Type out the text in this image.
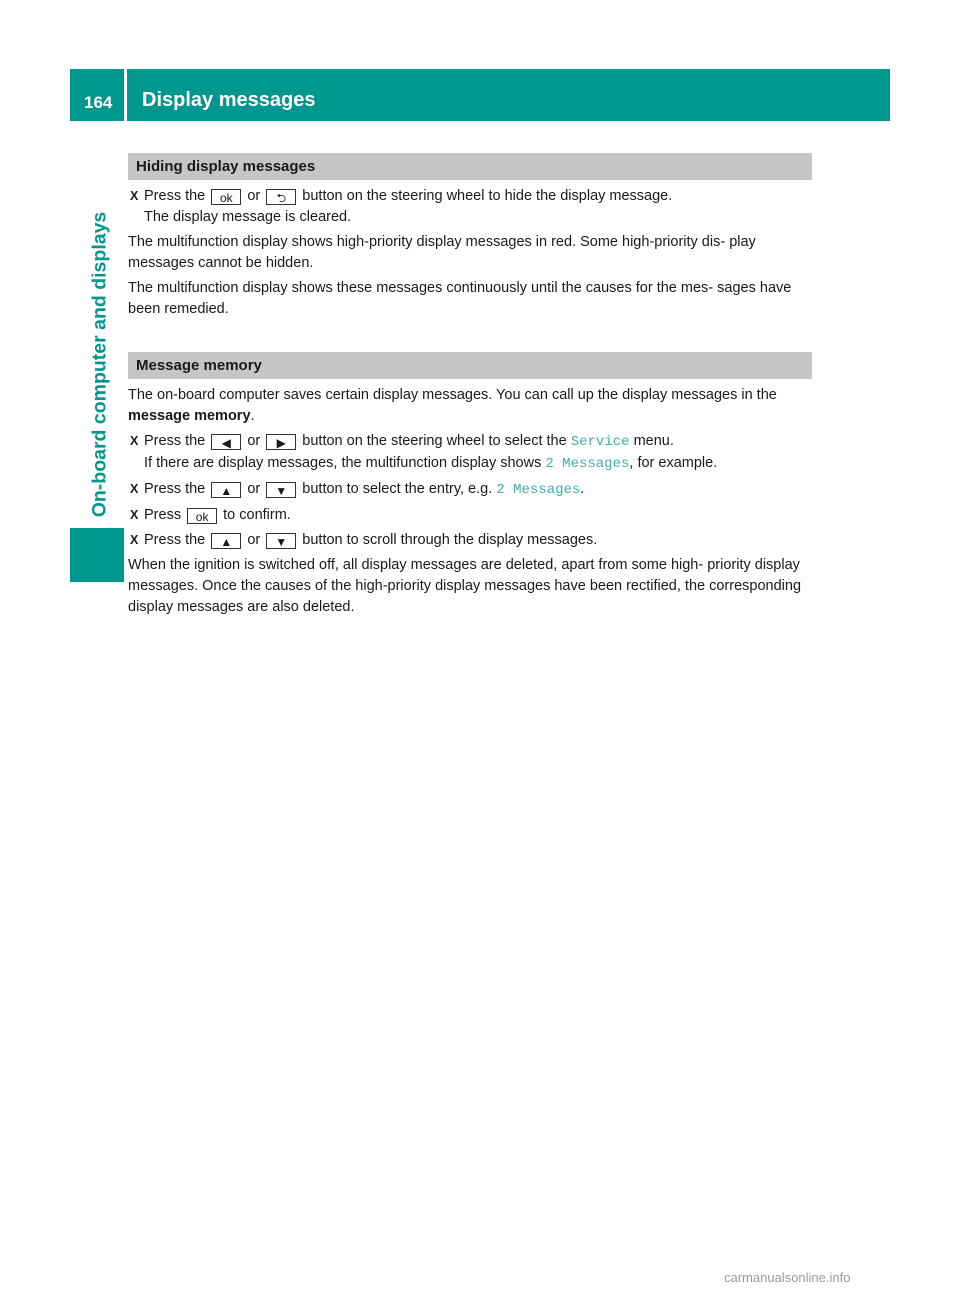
164 Display messages
On-board computer and displays
Hiding display messages
X Press the ok or ⮌ button on the steering wheel to hide the display message.
The display message is cleared.

The multifunction display shows high-priority display messages in red. Some high-priority dis- play messages cannot be hidden.

The multifunction display shows these messages continuously until the causes for the mes- sages have been remedied.

Message memory

The on-board computer saves certain display messages. You can call up the display messages in the message memory.

X Press the ◀ or ▶ button on the steering wheel to select the Service menu.
If there are display messages, the multifunction display shows 2 Messages, for example.
X Press the ▲ or ▼ button to select the entry, e.g. 2 Messages.
X Press ok to confirm.
X Press the ▲ or ▼ button to scroll through the display messages.

When the ignition is switched off, all display messages are deleted, apart from some high- priority display messages. Once the causes of the high-priority display messages have been rectified, the corresponding display messages are also deleted.

carmanualsonline.info
